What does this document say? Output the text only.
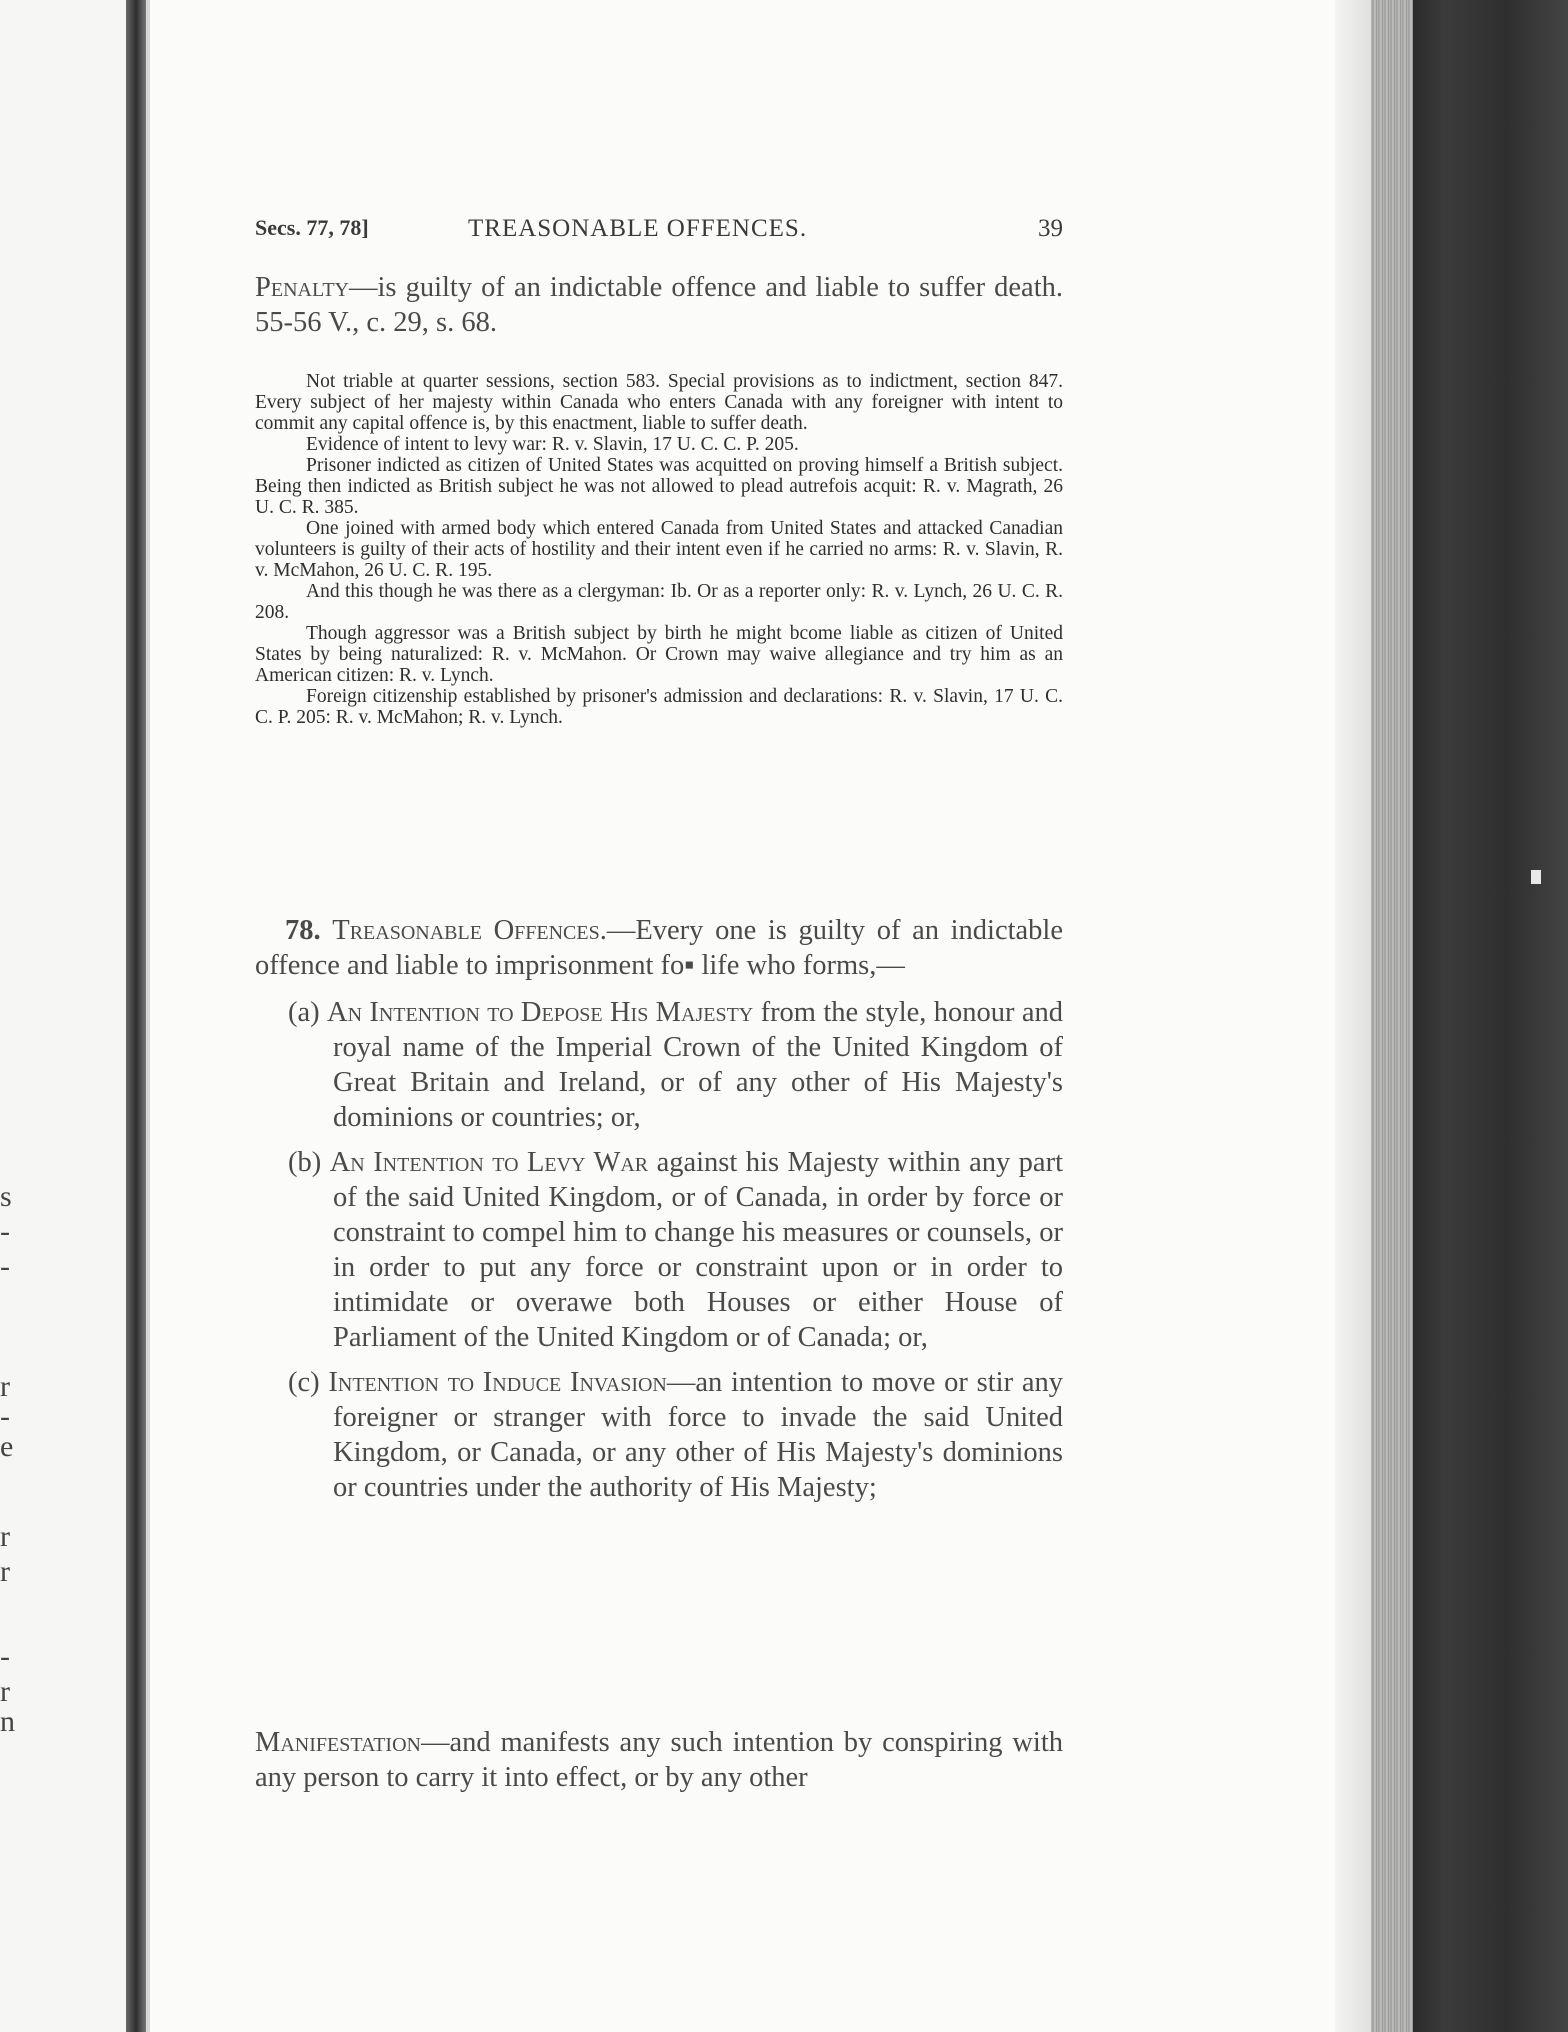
s
-
-
r
-
e
r
r
-
r
n
Secs. 77, 78]	TREASONABLE OFFENCES.	39
Penalty—is guilty of an indictable offence and liable to suffer death. 55-56 V., c. 29, s. 68.

Not triable at quarter sessions, section 583. Special provisions as to indictment, section 847. Every subject of her majesty within Canada who enters Canada with any foreigner with intent to commit any capital offence is, by this enactment, liable to suffer death.

Evidence of intent to levy war: R. v. Slavin, 17 U. C. C. P. 205.

Prisoner indicted as citizen of United States was acquitted on proving himself a British subject. Being then indicted as British subject he was not allowed to plead autrefois acquit: R. v. Magrath, 26 U. C. R. 385.

One joined with armed body which entered Canada from United States and attacked Canadian volunteers is guilty of their acts of hostility and their intent even if he carried no arms: R. v. Slavin, R. v. McMahon, 26 U. C. R. 195.

And this though he was there as a clergyman: Ib. Or as a reporter only: R. v. Lynch, 26 U. C. R. 208.

Though aggressor was a British subject by birth he might bcome liable as citizen of United States by being naturalized: R. v. McMahon. Or Crown may waive allegiance and try him as an American citizen: R. v. Lynch.

Foreign citizenship established by prisoner's admission and declarations: R. v. Slavin, 17 U. C. C. P. 205: R. v. McMahon; R. v. Lynch.

78. Treasonable Offences.—Every one is guilty of an indictable offence and liable to imprisonment fo▪ life who forms,—

(a) An Intention to Depose His Majesty from the style, honour and royal name of the Imperial Crown of the United Kingdom of Great Britain and Ireland, or of any other of His Majesty's dominions or countries; or,

(b) An Intention to Levy War against his Majesty within any part of the said United Kingdom, or of Canada, in order by force or constraint to compel him to change his measures or counsels, or in order to put any force or constraint upon or in order to intimidate or overawe both Houses or either House of Parliament of the United Kingdom or of Canada; or,

(c) Intention to Induce Invasion—an intention to move or stir any foreigner or stranger with force to invade the said United Kingdom, or Canada, or any other of His Majesty's dominions or countries under the authority of His Majesty;

Manifestation—and manifests any such intention by conspiring with any person to carry it into effect, or by any other
